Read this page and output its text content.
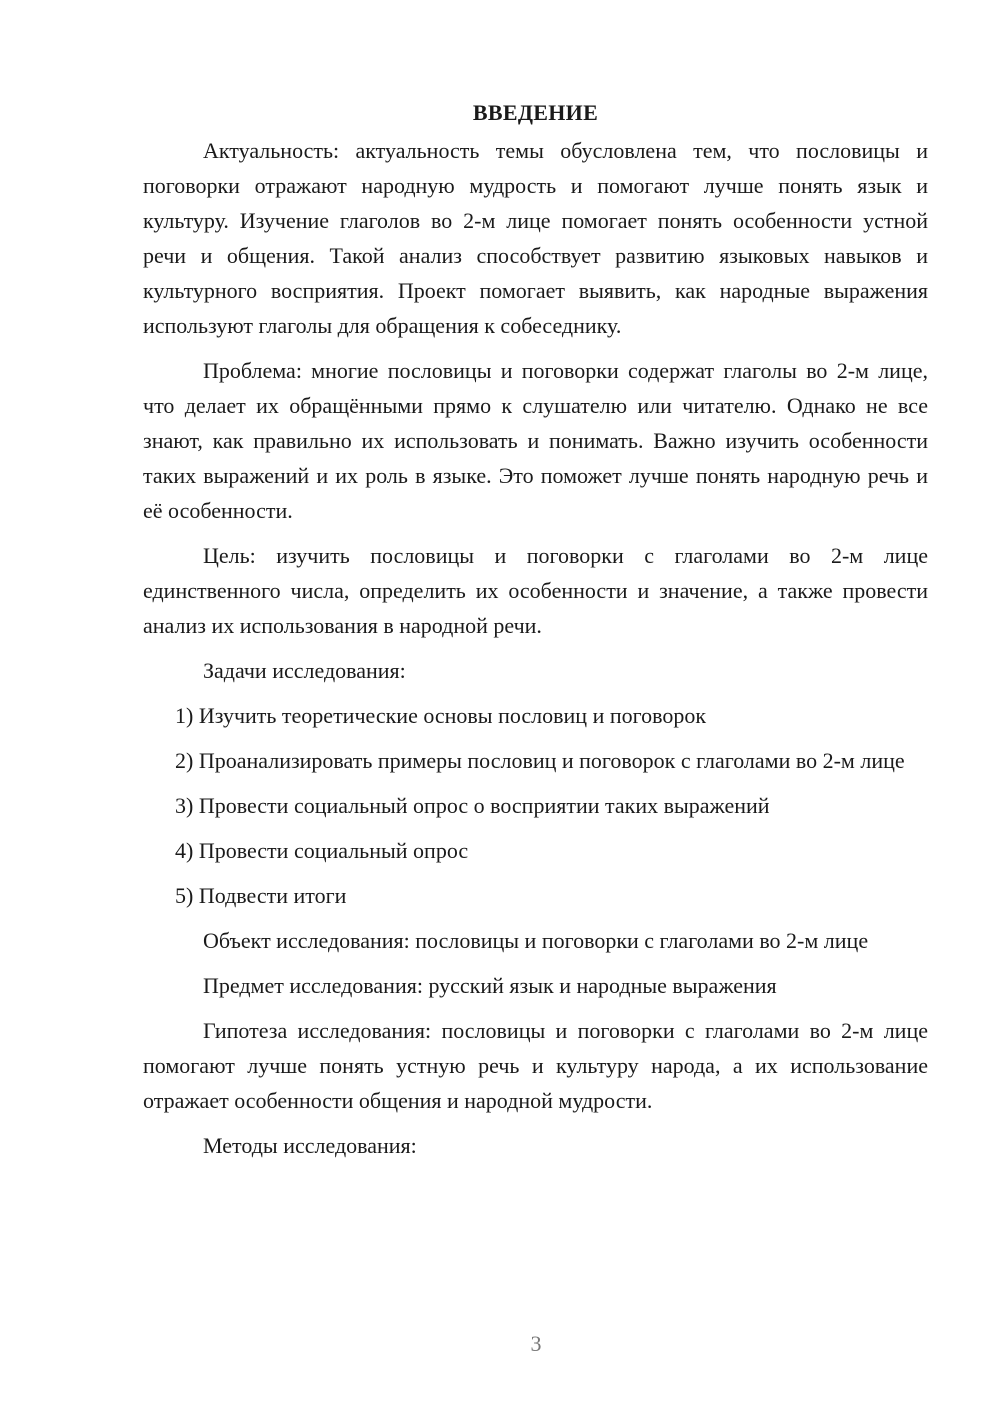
ВВЕДЕНИЕ

Актуальность: актуальность темы обусловлена тем, что пословицы и поговорки отражают народную мудрость и помогают лучше понять язык и культуру. Изучение глаголов во 2-м лице помогает понять особенности устной речи и общения. Такой анализ способствует развитию языковых навыков и культурного восприятия. Проект помогает выявить, как народные выражения используют глаголы для обращения к собеседнику.

Проблема: многие пословицы и поговорки содержат глаголы во 2-м лице, что делает их обращёнными прямо к слушателю или читателю. Однако не все знают, как правильно их использовать и понимать. Важно изучить особенности таких выражений и их роль в языке. Это поможет лучше понять народную речь и её особенности.

Цель: изучить пословицы и поговорки с глаголами во 2-м лице единственного числа, определить их особенности и значение, а также провести анализ их использования в народной речи.

Задачи исследования:

1) Изучить теоретические основы пословиц и поговорок

2) Проанализировать примеры пословиц и поговорок с глаголами во 2-м лице

3) Провести социальный опрос о восприятии таких выражений

4) Провести социальный опрос

5) Подвести итоги

Объект исследования: пословицы и поговорки с глаголами во 2-м лице

Предмет исследования: русский язык и народные выражения

Гипотеза исследования: пословицы и поговорки с глаголами во 2-м лице помогают лучше понять устную речь и культуру народа, а их использование отражает особенности общения и народной мудрости.

Методы исследования:

3
